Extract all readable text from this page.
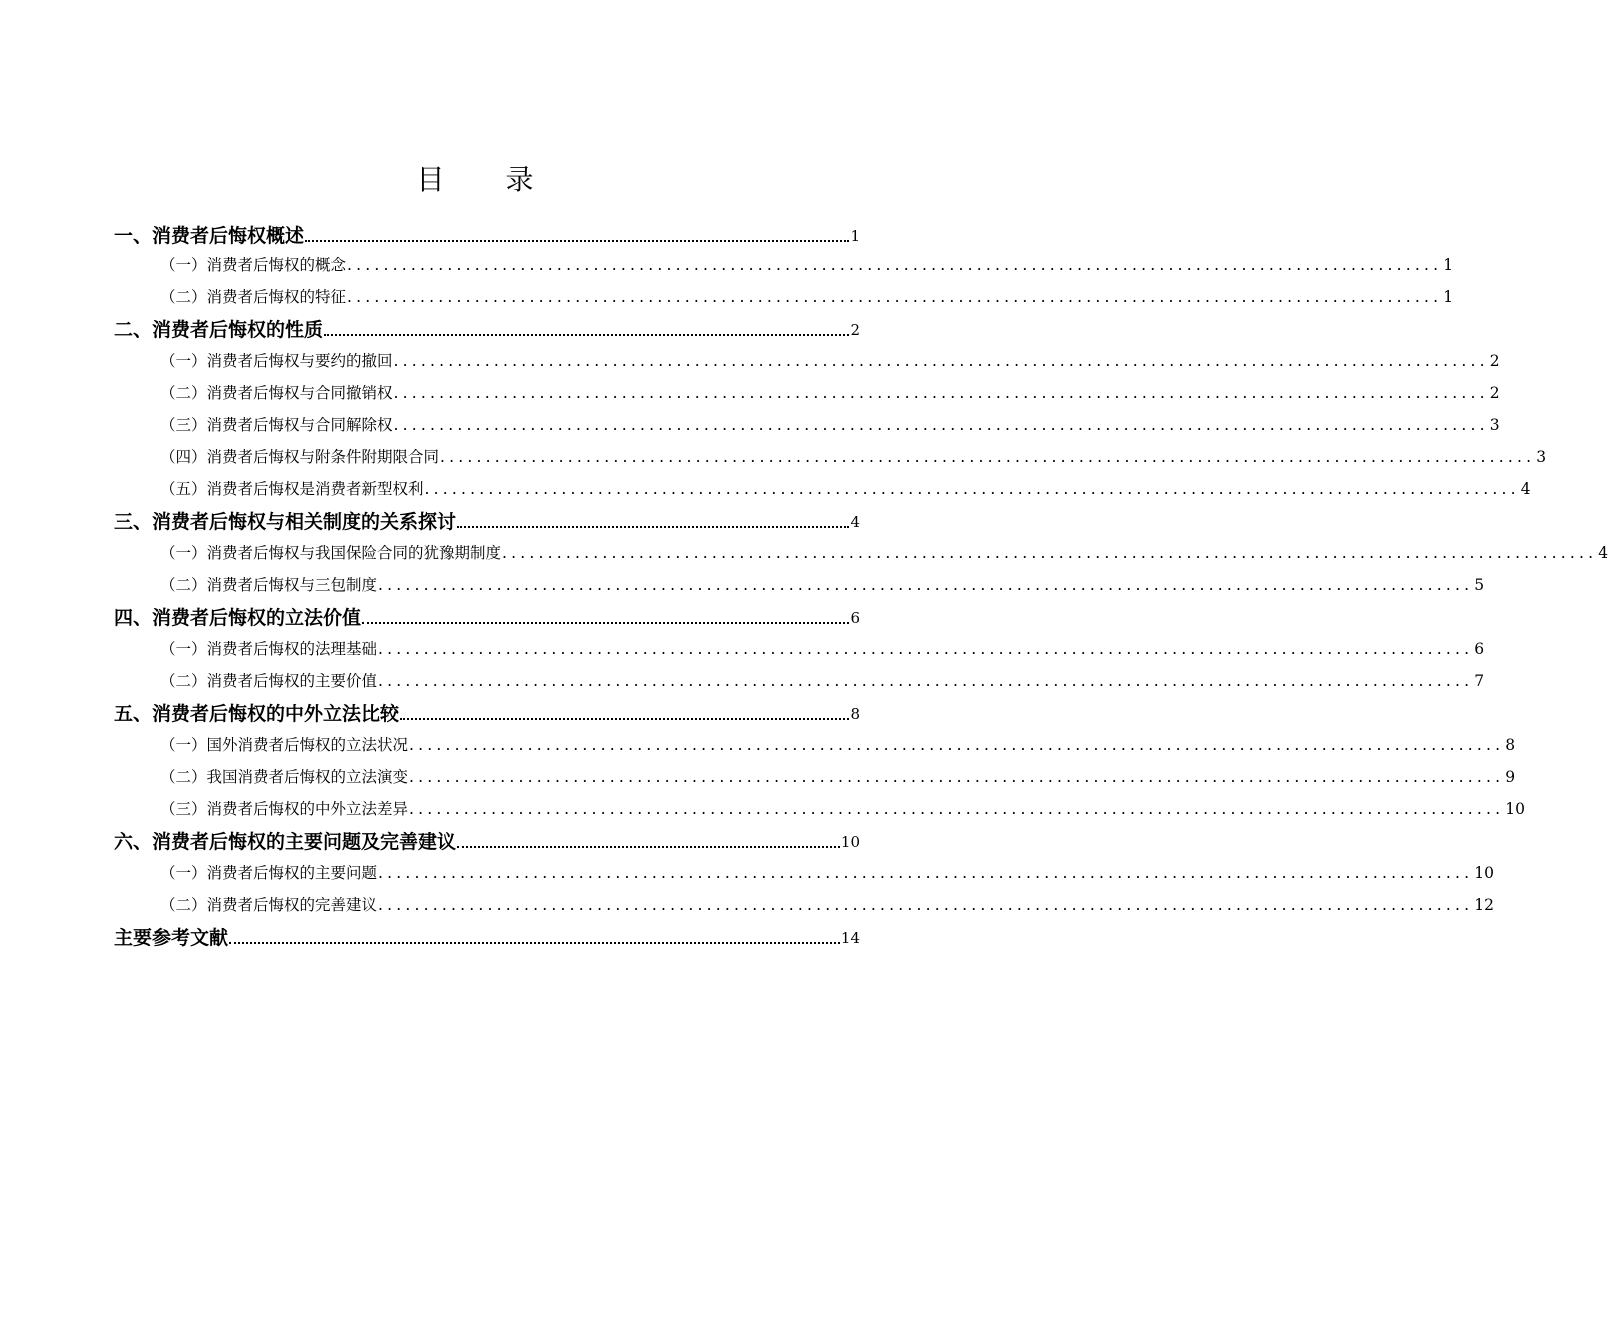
目 录
一、消费者后悔权概述	1
（一）消费者后悔权的概念 ........................................................................................................................ 1
（二）消费者后悔权的特征 ........................................................................................................................ 1
二、消费者后悔权的性质	2
（一）消费者后悔权与要约的撤回 ........................................................................................................................ 2
（二）消费者后悔权与合同撤销权 ........................................................................................................................ 2
（三）消费者后悔权与合同解除权 ........................................................................................................................ 3
（四）消费者后悔权与附条件附期限合同 ........................................................................................................................ 3
（五）消费者后悔权是消费者新型权利 ........................................................................................................................ 4
三、消费者后悔权与相关制度的关系探讨	4
（一）消费者后悔权与我国保险合同的犹豫期制度 ........................................................................................................................ 4
（二）消费者后悔权与三包制度 ........................................................................................................................ 5
四、消费者后悔权的立法价值	6
（一）消费者后悔权的法理基础 ........................................................................................................................ 6
（二）消费者后悔权的主要价值 ........................................................................................................................ 7
五、消费者后悔权的中外立法比较	8
（一）国外消费者后悔权的立法状况 ........................................................................................................................ 8
（二）我国消费者后悔权的立法演变 ........................................................................................................................ 9
（三）消费者后悔权的中外立法差异 ........................................................................................................................ 10
六、消费者后悔权的主要问题及完善建议	10
（一）消费者后悔权的主要问题 ........................................................................................................................ 10
（二）消费者后悔权的完善建议 ........................................................................................................................ 12
主要参考文献	14
